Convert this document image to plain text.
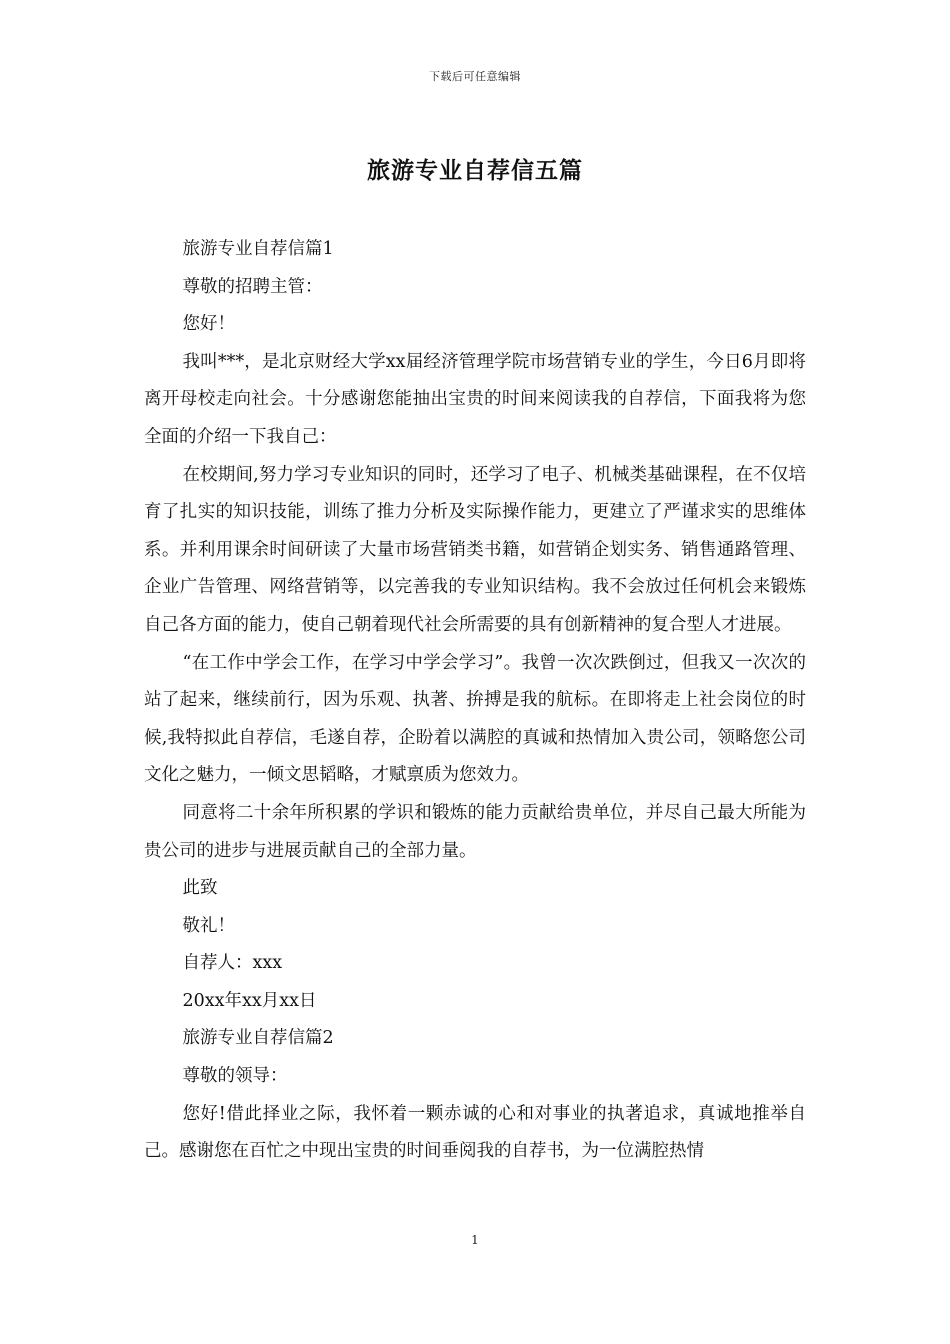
下载后可任意编辑
旅游专业自荐信五篇

旅游专业自荐信篇1

尊敬的招聘主管：

您好！

我叫***，是北京财经大学xx届经济管理学院市场营销专业的学生，今日6月即将离开母校走向社会。十分感谢您能抽出宝贵的时间来阅读我的自荐信，下面我将为您全面的介绍一下我自己：

在校期间,努力学习专业知识的同时，还学习了电子、机械类基础课程，在不仅培育了扎实的知识技能，训练了推力分析及实际操作能力，更建立了严谨求实的思维体系。并利用课余时间研读了大量市场营销类书籍，如营销企划实务、销售通路管理、企业广告管理、网络营销等，以完善我的专业知识结构。我不会放过任何机会来锻炼自己各方面的能力，使自己朝着现代社会所需要的具有创新精神的复合型人才进展。

“在工作中学会工作，在学习中学会学习”。我曾一次次跌倒过，但我又一次次的站了起来，继续前行，因为乐观、执著、拚搏是我的航标。在即将走上社会岗位的时候,我特拟此自荐信，毛遂自荐，企盼着以满腔的真诚和热情加入贵公司，领略您公司文化之魅力，一倾文思韬略，才赋禀质为您效力。

同意将二十余年所积累的学识和锻炼的能力贡献给贵单位，并尽自己最大所能为贵公司的进步与进展贡献自己的全部力量。

此致

敬礼！

自荐人：xxx

20xx年xx月xx日

旅游专业自荐信篇2

尊敬的领导：

您好!借此择业之际，我怀着一颗赤诚的心和对事业的执著追求，真诚地推举自己。感谢您在百忙之中现出宝贵的时间垂阅我的自荐书，为一位满腔热情

1
